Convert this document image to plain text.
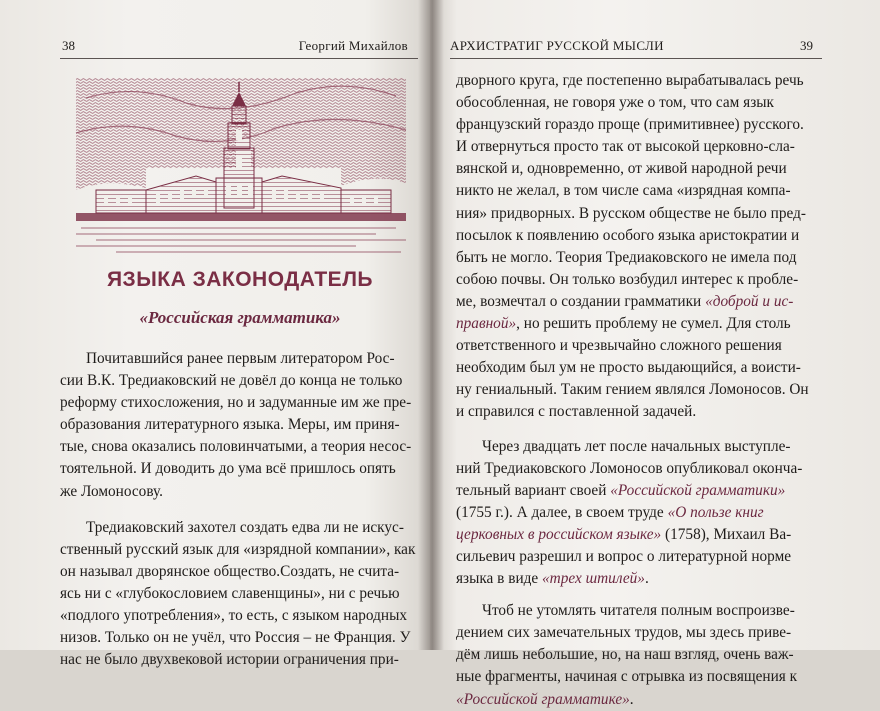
38	Георгий Михайлов
ЯЗЫКА ЗАКОНОДАТЕЛЬ
«Российская грамматика»

Почитавшийся ранее первым литератором Рос-
сии В.К. Тредиаковский не довёл до конца не только
реформу стихосложения, но и задуманные им же пре-
образования литературного языка. Меры, им приня-
тые, снова оказались половинчатыми, а теория несос-
тоятельной. И доводить до ума всё пришлось опять
же Ломоносову.

Тредиаковский захотел создать едва ли не искус-
ственный русский язык для «изрядной компании», как
он называл дворянское общество.Создать, не счита-
ясь ни с «глубокословием славенщины», ни с речью
«подлого употребления», то есть, с языком народных
низов. Только он не учёл, что Россия – не Франция. У
нас не было двухвековой истории ограничения при-

АРХИСТРАТИГ РУССКОЙ МЫСЛИ	39

дворного круга, где постепенно вырабатывалась речь
обособленная, не говоря уже о том, что сам язык
французский гораздо проще (примитивнее) русского.
И отвернуться просто так от высокой церковно-сла-
вянской и, одновременно, от живой народной речи
никто не желал, в том числе сама «изрядная компа-
ния» придворных. В русском обществе не было пред-
посылок к появлению особого языка аристократии и
быть не могло. Теория Тредиаковского не имела под
собою почвы. Он только возбудил интерес к пробле-
ме, возмечтал о создании грамматики «доброй и ис-
правной», но решить проблему не сумел. Для столь
ответственного и чрезвычайно сложного решения
необходим был ум не просто выдающийся, а воисти-
ну гениальный. Таким гением являлся Ломоносов. Он
и справился с поставленной задачей.

Через двадцать лет после начальных выступле-
ний Тредиаковского Ломоносов опубликовал оконча-
тельный вариант своей «Российской грамматики»
(1755 г.). А далее, в своем труде «О пользе книг
церковных в российском языке» (1758), Михаил Ва-
сильевич разрешил и вопрос о литературной норме
языка в виде «трех штилей».

Чтоб не утомлять читателя полным воспроизве-
дением сих замечательных трудов, мы здесь приве-
дём лишь небольшие, но, на наш взгляд, очень важ-
ные фрагменты, начиная с отрывка из посвящения к
«Российской грамматике».
